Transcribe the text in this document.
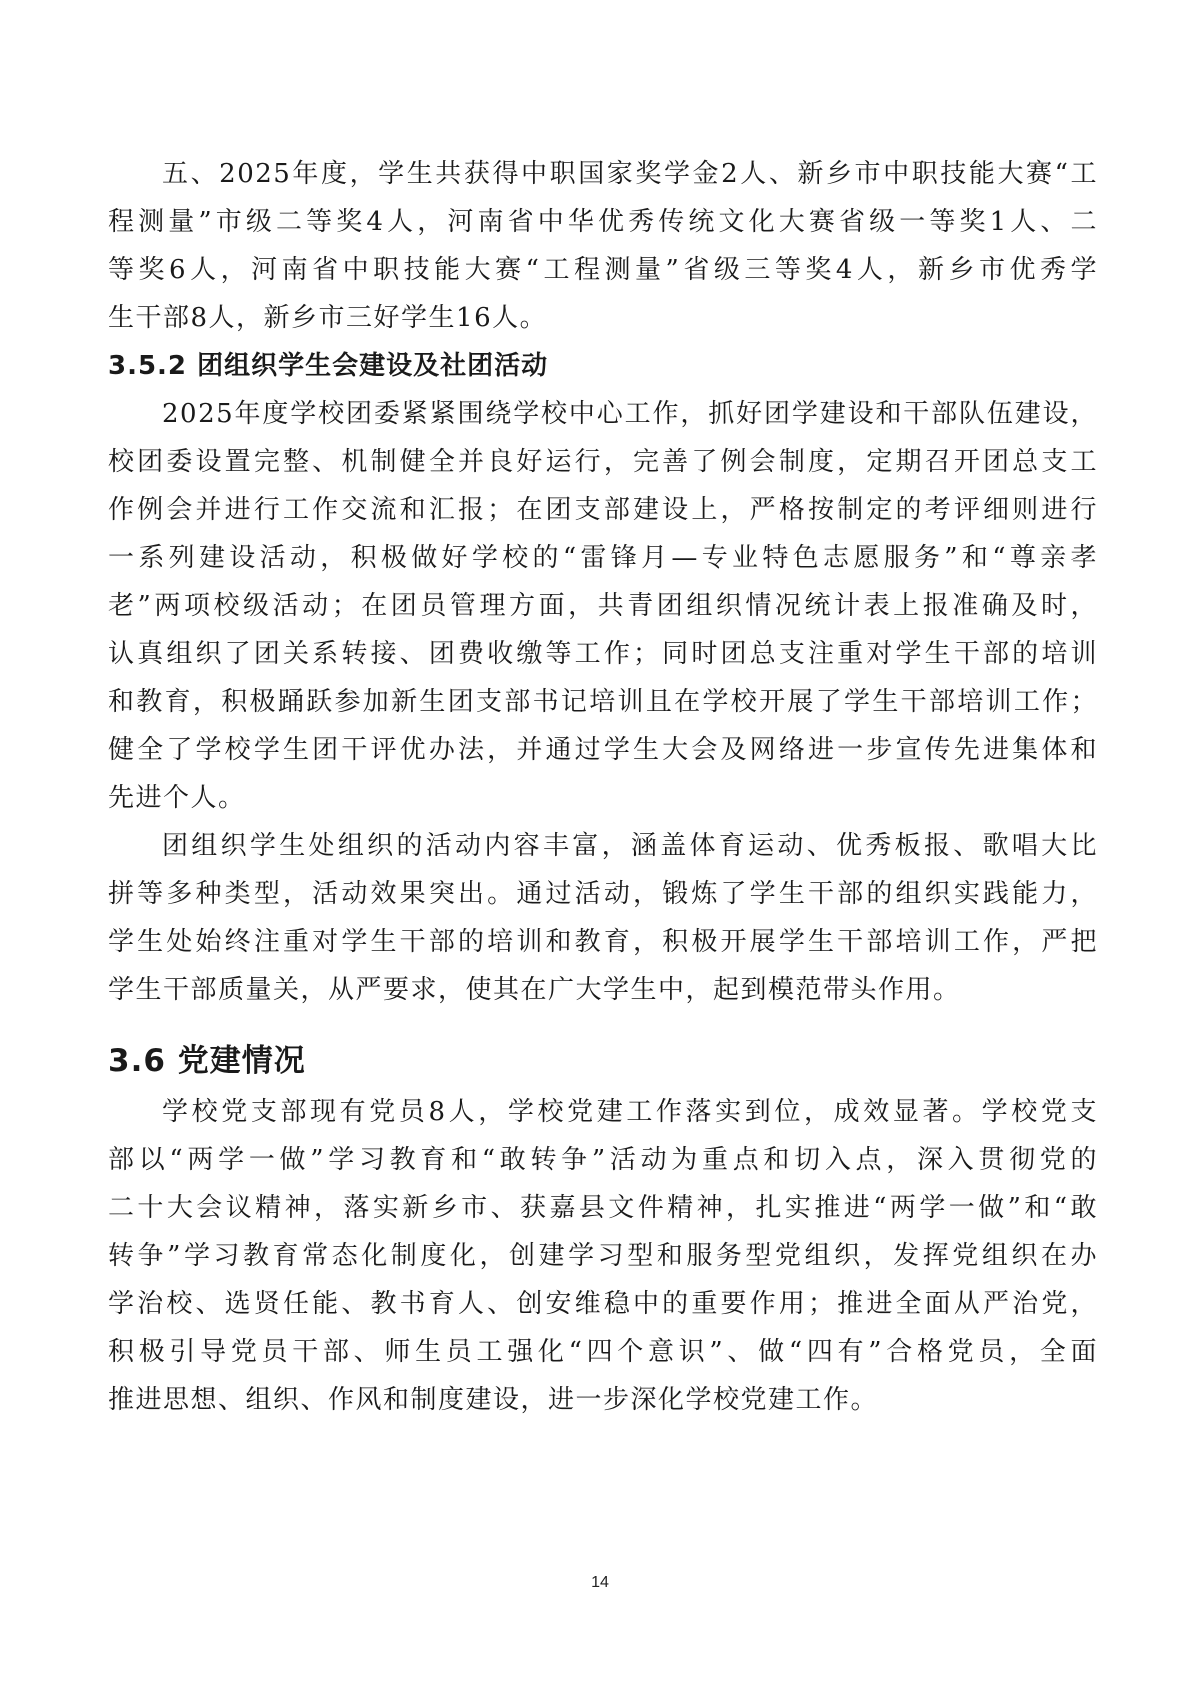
五、2025年度，学生共获得中职国家奖学金2人、新乡市中职技能大赛“工
程测量”市级二等奖4人，河南省中华优秀传统文化大赛省级一等奖1人、二
等奖6人，河南省中职技能大赛“工程测量”省级三等奖4人，新乡市优秀学
生干部8人，新乡市三好学生16人。
3.5.2 团组织学生会建设及社团活动
2025年度学校团委紧紧围绕学校中心工作，抓好团学建设和干部队伍建设，
校团委设置完整、机制健全并良好运行，完善了例会制度，定期召开团总支工
作例会并进行工作交流和汇报；在团支部建设上，严格按制定的考评细则进行
一系列建设活动，积极做好学校的“雷锋月—专业特色志愿服务”和“尊亲孝
老”两项校级活动；在团员管理方面，共青团组织情况统计表上报准确及时，
认真组织了团关系转接、团费收缴等工作；同时团总支注重对学生干部的培训
和教育，积极踊跃参加新生团支部书记培训且在学校开展了学生干部培训工作；
健全了学校学生团干评优办法，并通过学生大会及网络进一步宣传先进集体和
先进个人。
团组织学生处组织的活动内容丰富，涵盖体育运动、优秀板报、歌唱大比
拼等多种类型，活动效果突出。通过活动，锻炼了学生干部的组织实践能力，
学生处始终注重对学生干部的培训和教育，积极开展学生干部培训工作，严把
学生干部质量关，从严要求，使其在广大学生中，起到模范带头作用。
3.6 党建情况
学校党支部现有党员8人，学校党建工作落实到位，成效显著。学校党支
部以“两学一做”学习教育和“敢转争”活动为重点和切入点，深入贯彻党的
二十大会议精神，落实新乡市、获嘉县文件精神，扎实推进“两学一做”和“敢
转争”学习教育常态化制度化，创建学习型和服务型党组织，发挥党组织在办
学治校、选贤任能、教书育人、创安维稳中的重要作用；推进全面从严治党，
积极引导党员干部、师生员工强化“四个意识”、做“四有”合格党员，全面
推进思想、组织、作风和制度建设，进一步深化学校党建工作。
14
